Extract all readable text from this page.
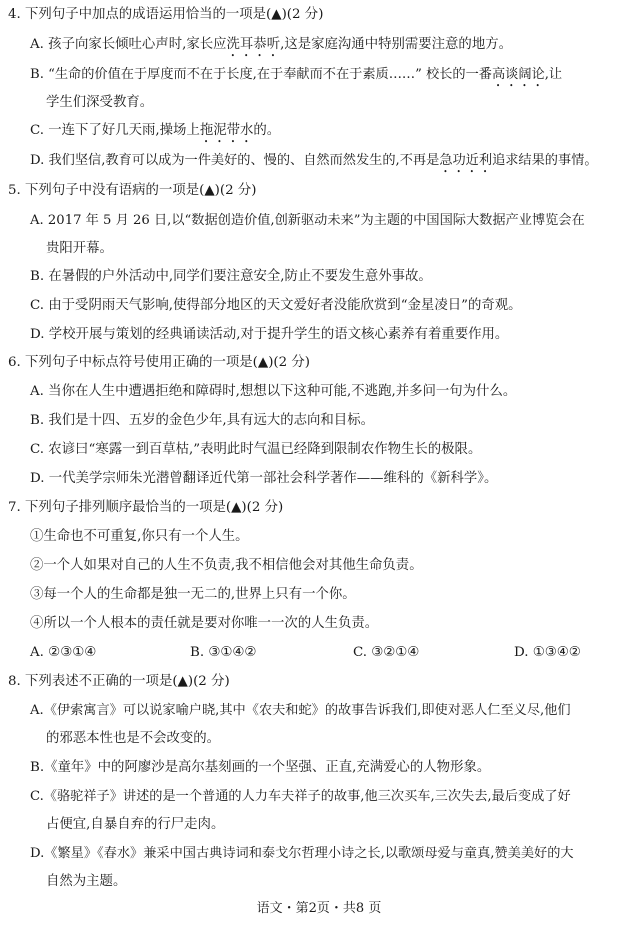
4. 下列句子中加点的成语运用恰当的一项是(▲)(2 分)
A. 孩子向家长倾吐心声时,家长应洗耳恭听,这是家庭沟通中特别需要注意的地方。
B. “生命的价值在于厚度而不在于长度,在于奉献而不在于素质……” 校长的一番高谈阔论,让
学生们深受教育。
C. 一连下了好几天雨,操场上拖泥带水的。
D. 我们坚信,教育可以成为一件美好的、慢的、自然而然发生的,不再是急功近利追求结果的事情。
5. 下列句子中没有语病的一项是(▲)(2 分)
A. 2017 年 5 月 26 日,以“数据创造价值,创新驱动未来”为主题的中国国际大数据产业博览会在
贵阳开幕。
B. 在暑假的户外活动中,同学们要注意安全,防止不要发生意外事故。
C. 由于受阴雨天气影响,使得部分地区的天文爱好者没能欣赏到“金星凌日”的奇观。
D. 学校开展与策划的经典诵读活动,对于提升学生的语文核心素养有着重要作用。
6. 下列句子中标点符号使用正确的一项是(▲)(2 分)
A. 当你在人生中遭遇拒绝和障碍时,想想以下这种可能,不逃跑,并多问一句为什么。
B. 我们是十四、五岁的金色少年,具有远大的志向和目标。
C. 农谚曰“寒露一到百草枯,”表明此时气温已经降到限制农作物生长的极限。
D. 一代美学宗师朱光潜曾翻译近代第一部社会科学著作——维科的《新科学》。
7. 下列句子排列顺序最恰当的一项是(▲)(2 分)
①生命也不可重复,你只有一个人生。
②一个人如果对自己的人生不负责,我不相信他会对其他生命负责。
③每一个人的生命都是独一无二的,世界上只有一个你。
④所以一个人根本的责任就是要对你唯一一次的人生负责。
A. ②③①④	B. ③①④②	C. ③②①④	D. ①③④②
8. 下列表述不正确的一项是(▲)(2 分)
A.《伊索寓言》可以说家喻户晓,其中《农夫和蛇》的故事告诉我们,即使对恶人仁至义尽,他们
的邪恶本性也是不会改变的。
B.《童年》中的阿廖沙是高尔基刻画的一个坚强、正直,充满爱心的人物形象。
C.《骆驼祥子》讲述的是一个普通的人力车夫祥子的故事,他三次买车,三次失去,最后变成了好
占便宜,自暴自弃的行尸走肉。
D.《繁星》《春水》兼采中国古典诗词和泰戈尔哲理小诗之长,以歌颂母爱与童真,赞美美好的大
自然为主题。
语文・第2页・共8 页
